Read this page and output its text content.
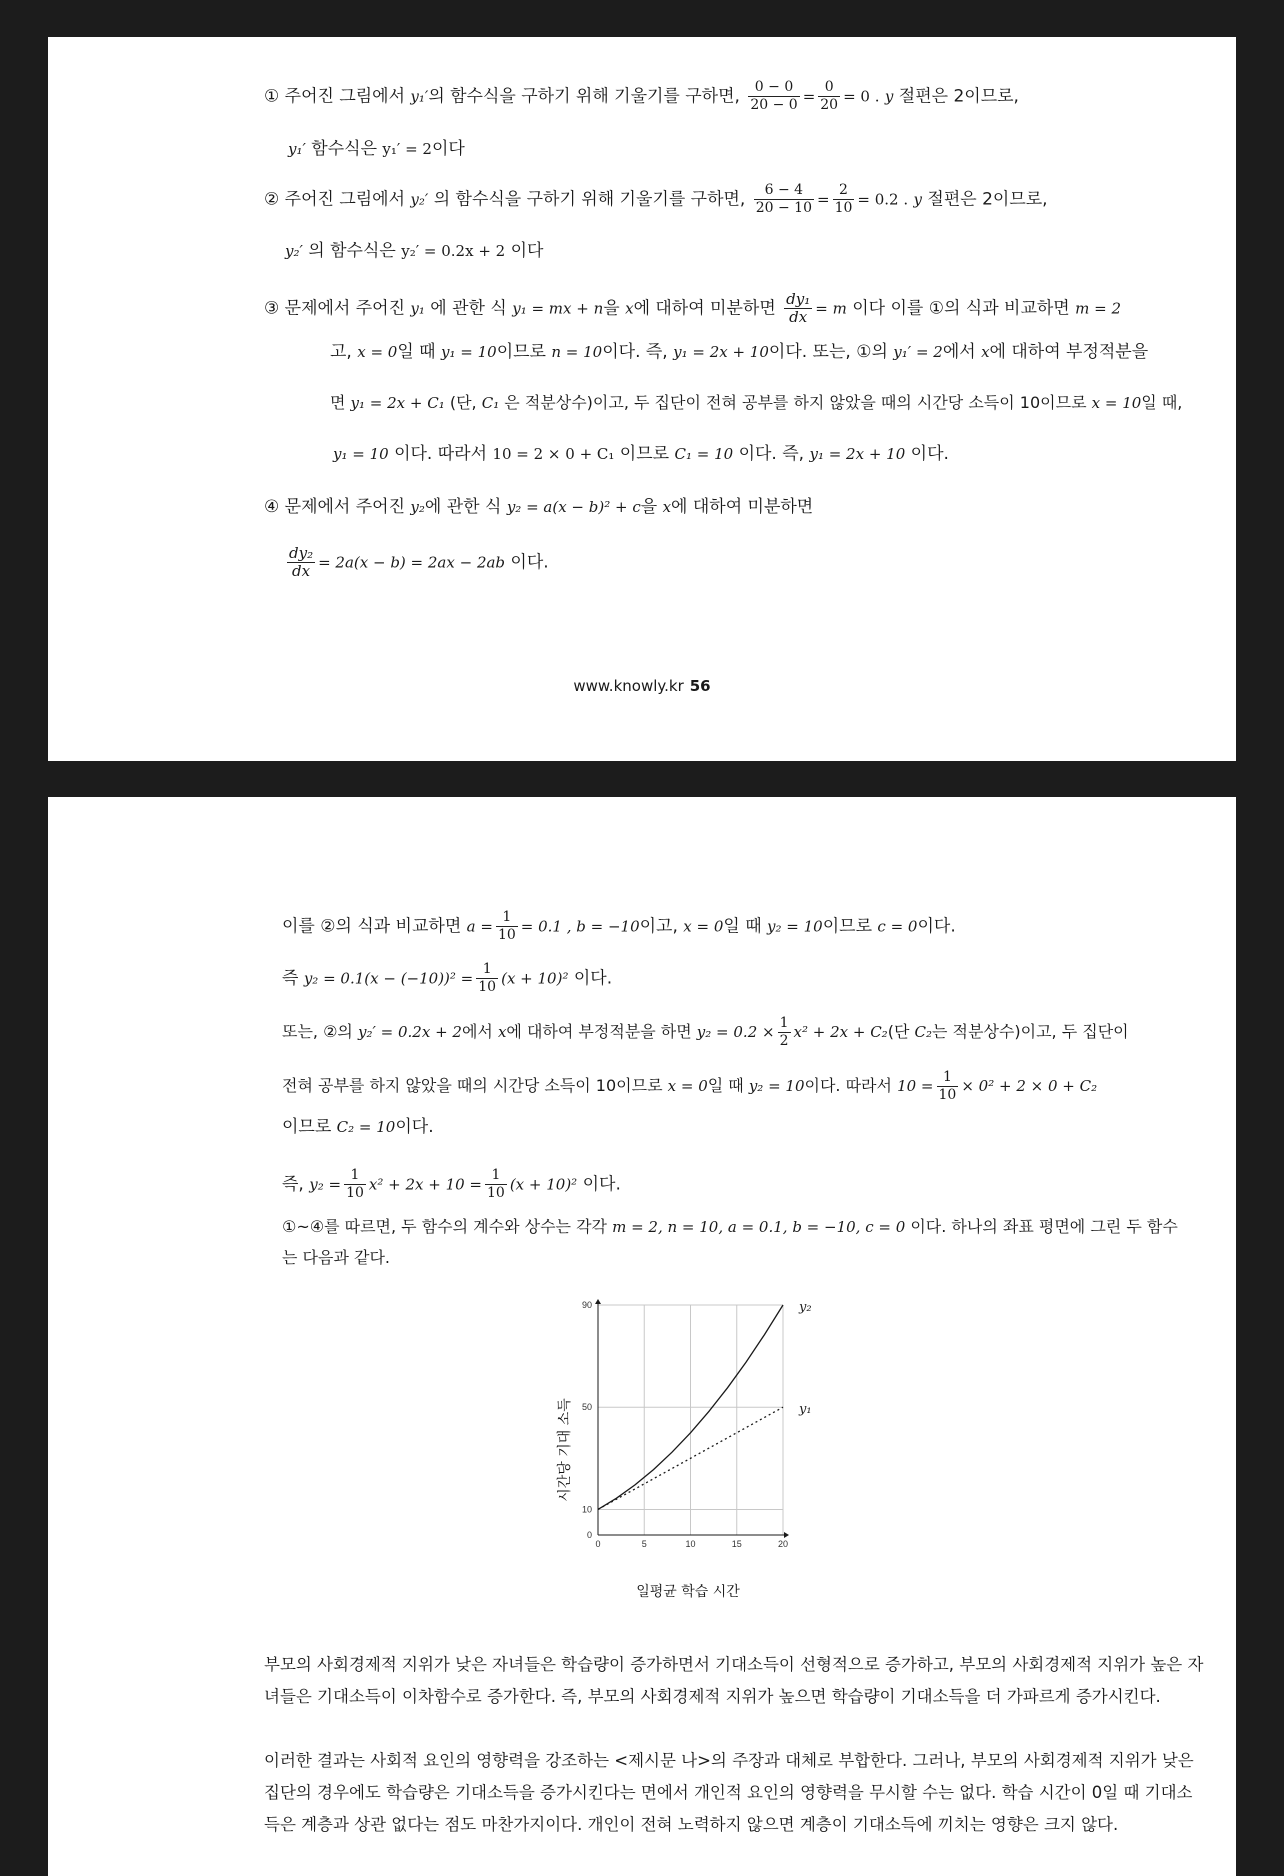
① 주어진 그림에서 y₁′의 함수식을 구하기 위해 기울기를 구하면, $\frac{0 - 0}{20 - 0} = \frac{0}{20} = 0$ . y 절편은 2이므로,
y₁′ 함수식은 y₁′ = 2이다
② 주어진 그림에서 y₂′ 의 함수식을 구하기 위해 기울기를 구하면, $\frac{6 - 4}{20 - 10} = \frac{2}{10} = 0.2$ . y 절편은 2이므로,
y₂′ 의 함수식은 y₂′ = 0.2x + 2 이다
③ 문제에서 주어진 y₁ 에 관한 식 y₁ = mx + n을 x에 대하여 미분하면 $\frac{\text{dy₁}}{dx} = m$ 이다 이를 ①의 식과 비교하면 m = 2
고, x = 0일 때 y₁ = 10이므로 n = 10이다. 즉, y₁ = 2x + 10이다. 또는, ①의 y₁′ = 2에서 x에 대하여 부정적분을
면 y₁ = 2x + C₁ (단, C₁ 은 적분상수)이고, 두 집단이 전혀 공부를 하지 않았을 때의 시간당 소득이 10이므로 x = 10일 때,
y₁ = 10 이다. 따라서 10 = 2 × 0 + C₁ 이므로 C₁ = 10 이다. 즉, y₁ = 2x + 10 이다.
④ 문제에서 주어진 y₂에 관한 식 y₂ = a(x − b)² + c을 x에 대하여 미분하면
$\frac{\text{dy₂}}{dx} = 2a(x - b) = 2ax - 2ab$ 이다.
www.knowly.kr 56
이를 ②의 식과 비교하면 $a = \frac{1}{10} = 0.1$ , b = −10이고, x = 0일 때 y₂ = 10이므로 c = 0이다.
즉 $y_2 = 0.1(x - (-10))^2 = \frac{1}{10} (x + 10)^2$ 이다.
또는, ②의 y₂′ = 0.2x + 2에서 x에 대하여 부정적분을 하면 $y_2 = 0.2 \times \frac{1}{2} x^2 + 2x + C_2$(단 C₂는 적분상수)이고, 두 집단이
전혀 공부를 하지 않았을 때의 시간당 소득이 10이므로 x = 0일 때 y₂ = 10이다. 따라서 $10 = \frac{1}{10} \times 0^2 + 2 \times 0 + C_2$
이므로 C₂ = 10이다.
즉, $y_2 = \frac{1}{10} x^2 + 2x + 10 = \frac{1}{10} (x + 10)^2$ 이다.
①~④를 따르면, 두 함수의 계수와 상수는 각각 m = 2, n = 10, a = 0.1, b = −10, c = 0 이다. 하나의 좌표 평면에 그린 두 함수
는 다음과 같다.
0	5	10	15	20
0
10
50
90	y₂
y₁
일평균 학습 시간
시간당 기대 소득
부모의 사회경제적 지위가 낮은 자녀들은 학습량이 증가하면서 기대소득이 선형적으로 증가하고, 부모의 사회경제적 지위가 높은 자녀들은 기대소득이 이차함수로 증가한다. 즉, 부모의 사회경제적 지위가 높으면 학습량이 기대소득을 더 가파르게 증가시킨다.
이러한 결과는 사회적 요인의 영향력을 강조하는 <제시문 나>의 주장과 대체로 부합한다. 그러나, 부모의 사회경제적 지위가 낮은 집단의 경우에도 학습량은 기대소득을 증가시킨다는 면에서 개인적 요인의 영향력을 무시할 수는 없다. 학습 시간이 0일 때 기대소득은 계층과 상관 없다는 점도 마찬가지이다. 개인이 전혀 노력하지 않으면 계층이 기대소득에 끼치는 영향은 크지 않다.
